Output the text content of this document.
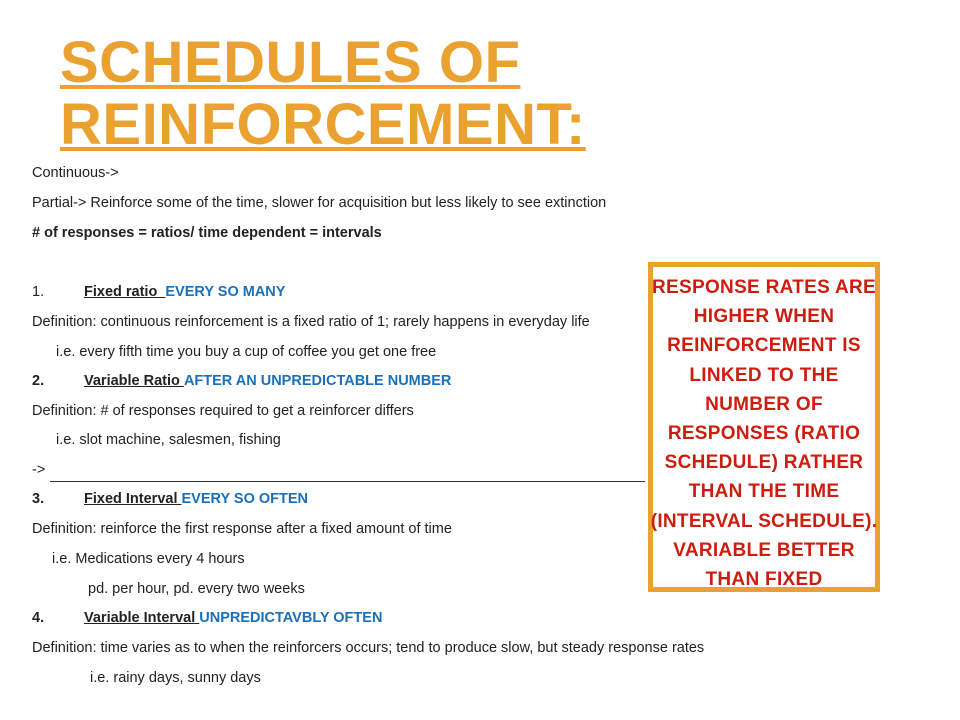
SCHEDULES OF REINFORCEMENT:
Continuous->
Partial-> Reinforce some of the time, slower for acquisition but less likely to see extinction
# of responses = ratios/ time dependent = intervals
1.	Fixed ratio EVERY SO MANY
Definition: continuous reinforcement is a fixed ratio of 1; rarely happens in everyday life
i.e. every fifth time you buy a cup of coffee you get one free
2.	Variable Ratio AFTER AN UNPREDICTABLE NUMBER
Definition: # of responses required to get a reinforcer differs
i.e. slot machine, salesmen, fishing
->
3.	Fixed Interval EVERY SO OFTEN
Definition: reinforce the first response after a fixed amount of time
i.e. Medications every 4 hours
pd. per hour, pd. every two weeks
4.	Variable Interval UNPREDICTAVBLY OFTEN
Definition: time varies as to when the reinforcers occurs; tend to produce slow, but steady response rates
i.e. rainy days, sunny days
RESPONSE RATES ARE HIGHER WHEN REINFORCEMENT IS LINKED TO THE NUMBER OF RESPONSES (RATIO SCHEDULE) RATHER THAN THE TIME (INTERVAL SCHEDULE). VARIABLE BETTER THAN FIXED
